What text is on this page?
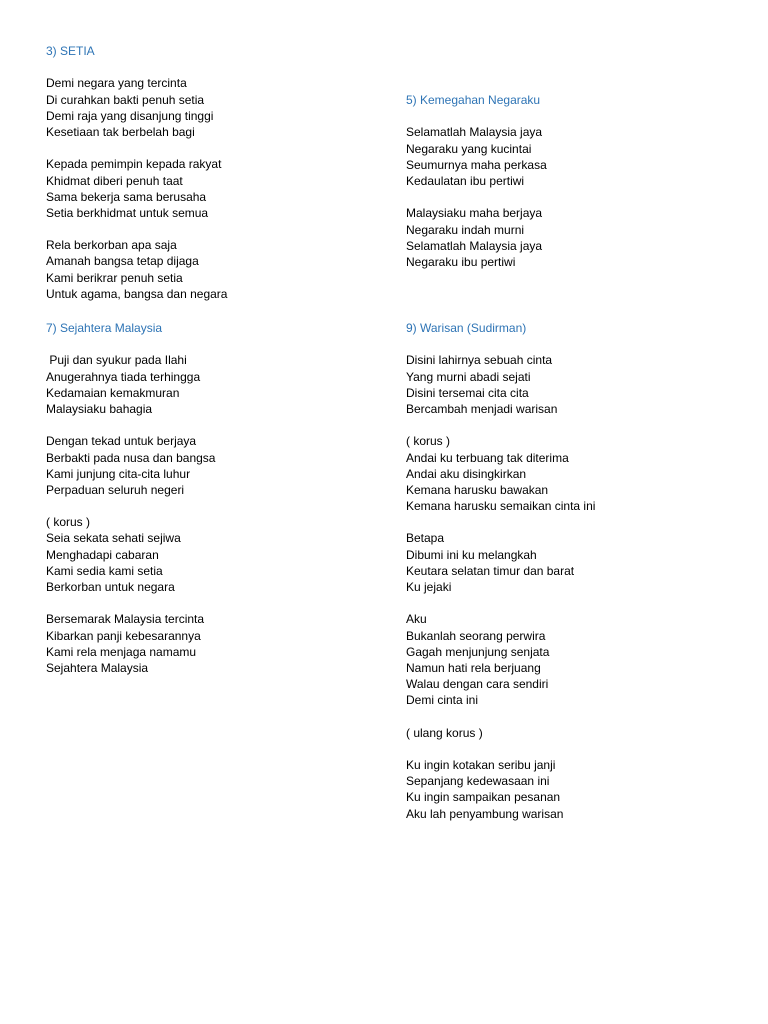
3) SETIA
Demi negara yang tercinta
Di curahkan bakti penuh setia
Demi raja yang disanjung tinggi
Kesetiaan tak berbelah bagi
Kepada pemimpin kepada rakyat
Khidmat diberi penuh taat
Sama bekerja sama berusaha
Setia berkhidmat untuk semua
Rela berkorban apa saja
Amanah bangsa tetap dijaga
Kami berikrar penuh setia
Untuk agama, bangsa dan negara
5) Kemegahan Negaraku
Selamatlah Malaysia jaya
Negaraku yang kucintai
Seumurnya maha perkasa
Kedaulatan ibu pertiwi
Malaysiaku maha berjaya
Negaraku indah murni
Selamatlah Malaysia jaya
Negaraku ibu pertiwi
7) Sejahtera Malaysia
Puji dan syukur pada Ilahi
Anugerahnya tiada terhingga
Kedamaian kemakmuran
Malaysiaku bahagia
Dengan tekad untuk berjaya
Berbakti pada nusa dan bangsa
Kami junjung cita-cita luhur
Perpaduan seluruh negeri
( korus )
Seia sekata sehati sejiwa
Menghadapi cabaran
Kami sedia kami setia
Berkorban untuk negara
Bersemarak Malaysia tercinta
Kibarkan panji kebesarannya
Kami rela menjaga namamu
Sejahtera Malaysia
9) Warisan (Sudirman)
Disini lahirnya sebuah cinta
Yang murni abadi sejati
Disini tersemai cita cita
Bercambah menjadi warisan
( korus )
Andai ku terbuang tak diterima
Andai aku disingkirkan
Kemana harusku bawakan
Kemana harusku semaikan cinta ini
Betapa
Dibumi ini ku melangkah
Keutara selatan timur dan barat
Ku jejaki
Aku
Bukanlah seorang perwira
Gagah menjunjung senjata
Namun hati rela berjuang
Walau dengan cara sendiri
Demi cinta ini
( ulang korus )
Ku ingin kotakan seribu janji
Sepanjang kedewasaan ini
Ku ingin sampaikan pesanan
Aku lah penyambung warisan
